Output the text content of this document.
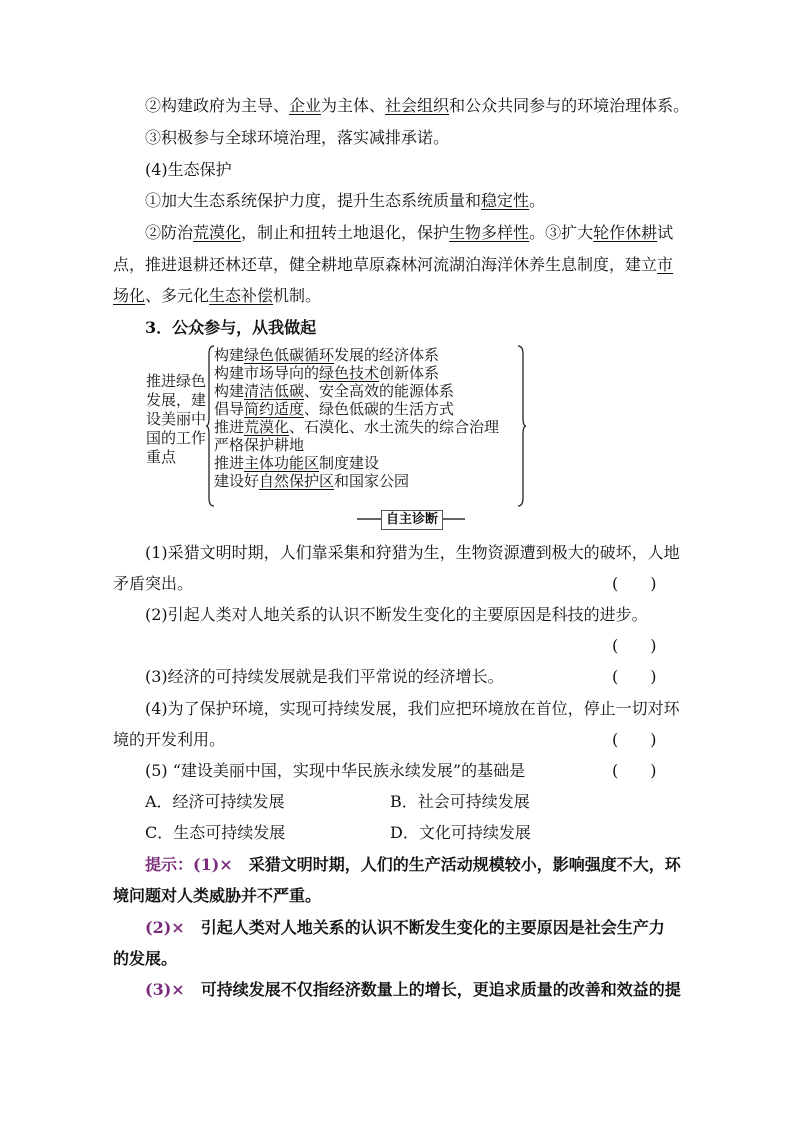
②构建政府为主导、企业为主体、社会组织和公众共同参与的环境治理体系。
③积极参与全球环境治理，落实减排承诺。
(4)生态保护
①加大生态系统保护力度，提升生态系统质量和稳定性。
②防治荒漠化，制止和扭转土地退化，保护生物多样性。③扩大轮作休耕试
点，推进退耕还林还草，健全耕地草原森林河流湖泊海洋休养生息制度，建立市
场化、多元化生态补偿机制。
3．公众参与，从我做起
推进绿色发展，建设美丽中国的工作重点
构建绿色低碳循环发展的经济体系
构建市场导向的绿色技术创新体系
构建清洁低碳、安全高效的能源体系
倡导简约适度、绿色低碳的生活方式
推进荒漠化、石漠化、水土流失的综合治理
严格保护耕地
推进主体功能区制度建设
建设好自然保护区和国家公园
自主诊断
(1)采猎文明时期，人们靠采集和狩猎为生，生物资源遭到极大的破坏，人地
矛盾突出。	(　　)
(2)引起人类对人地关系的认识不断发生变化的主要原因是科技的进步。
(　　)
(3)经济的可持续发展就是我们平常说的经济增长。	(　　)
(4)为了保护环境，实现可持续发展，我们应把环境放在首位，停止一切对环
境的开发利用。	(　　)
(5) “建设美丽中国，实现中华民族永续发展”的基础是	(　　)
A．经济可持续发展	B．社会可持续发展
C．生态可持续发展	D．文化可持续发展
提示：(1)×　采猎文明时期，人们的生产活动规模较小，影响强度不大，环
境问题对人类威胁并不严重。
(2)×　引起人类对人地关系的认识不断发生变化的主要原因是社会生产力
的发展。
(3)×　可持续发展不仅指经济数量上的增长，更追求质量的改善和效益的提
